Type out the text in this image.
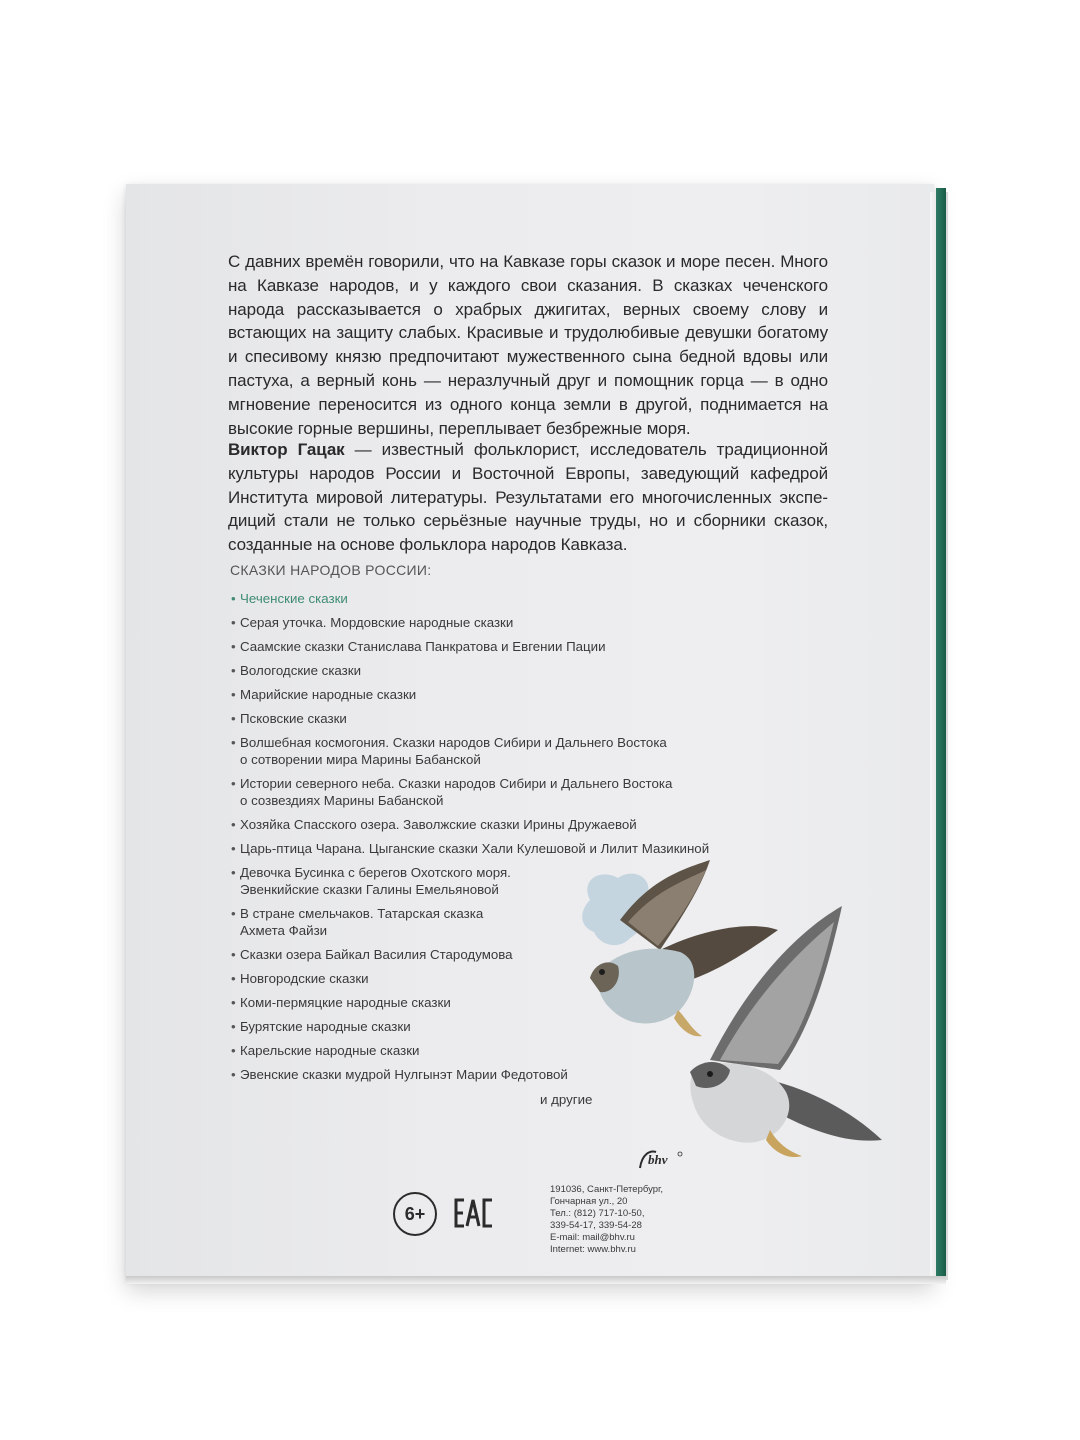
С давних времён говорили, что на Кавказе горы сказок и море песен. Много на Кавказе народов, и у каждого свои сказания. В сказках чеченского народа рассказывается о храбрых джигитах, верных своему слову и встающих на защиту слабых. Красивые и трудолюбивые девушки богатому и спесивому князю предпочитают мужественного сына бедной вдовы или пастуха, а верный конь — неразлучный друг и помощник горца — в одно мгновение переносится из одного конца земли в другой, поднимается на высокие горные вершины, переплывает безбрежные моря.

Виктор Гацак — известный фольклорист, исследователь традиционной культуры народов России и Восточной Европы, заведующий кафедрой Института мировой литературы. Результатами его многочисленных экспедиций стали не только серьёзные научные труды, но и сборники сказок, созданные на основе фольклора народов Кавказа.

СКАЗКИ НАРОДОВ РОССИИ:

• Чеченские сказки
• Серая уточка. Мордовские народные сказки
• Саамские сказки Станислава Панкратова и Евгении Пации
• Вологодские сказки
• Марийские народные сказки
• Псковские сказки
• Волшебная космогония. Сказки народов Сибири и Дальнего Востока
о сотворении мира Марины Бабанской
• Истории северного неба. Сказки народов Сибири и Дальнего Востока
о созвездиях Марины Бабанской
• Хозяйка Спасского озера. Заволжские сказки Ирины Дружаевой
• Царь-птица Чарана. Цыганские сказки Хали Кулешовой и Лилит Мазикиной
• Девочка Бусинка с берегов Охотского моря.
Эвенкийские сказки Галины Емельяновой
• В стране смельчаков. Татарская сказка
Ахмета Файзи
• Сказки озера Байкал Василия Стародумова
• Новгородские сказки
• Коми-пермяцкие народные сказки
• Бурятские народные сказки
• Карельские народные сказки
• Эвенские сказки мудрой Нулгынэт Марии Федотовой

и другие

bhv
6+
191036, Санкт-Петербург,
Гончарная ул., 20
Тел.: (812) 717-10-50,
339-54-17, 339-54-28
E-mail: mail@bhv.ru
Internet: www.bhv.ru
